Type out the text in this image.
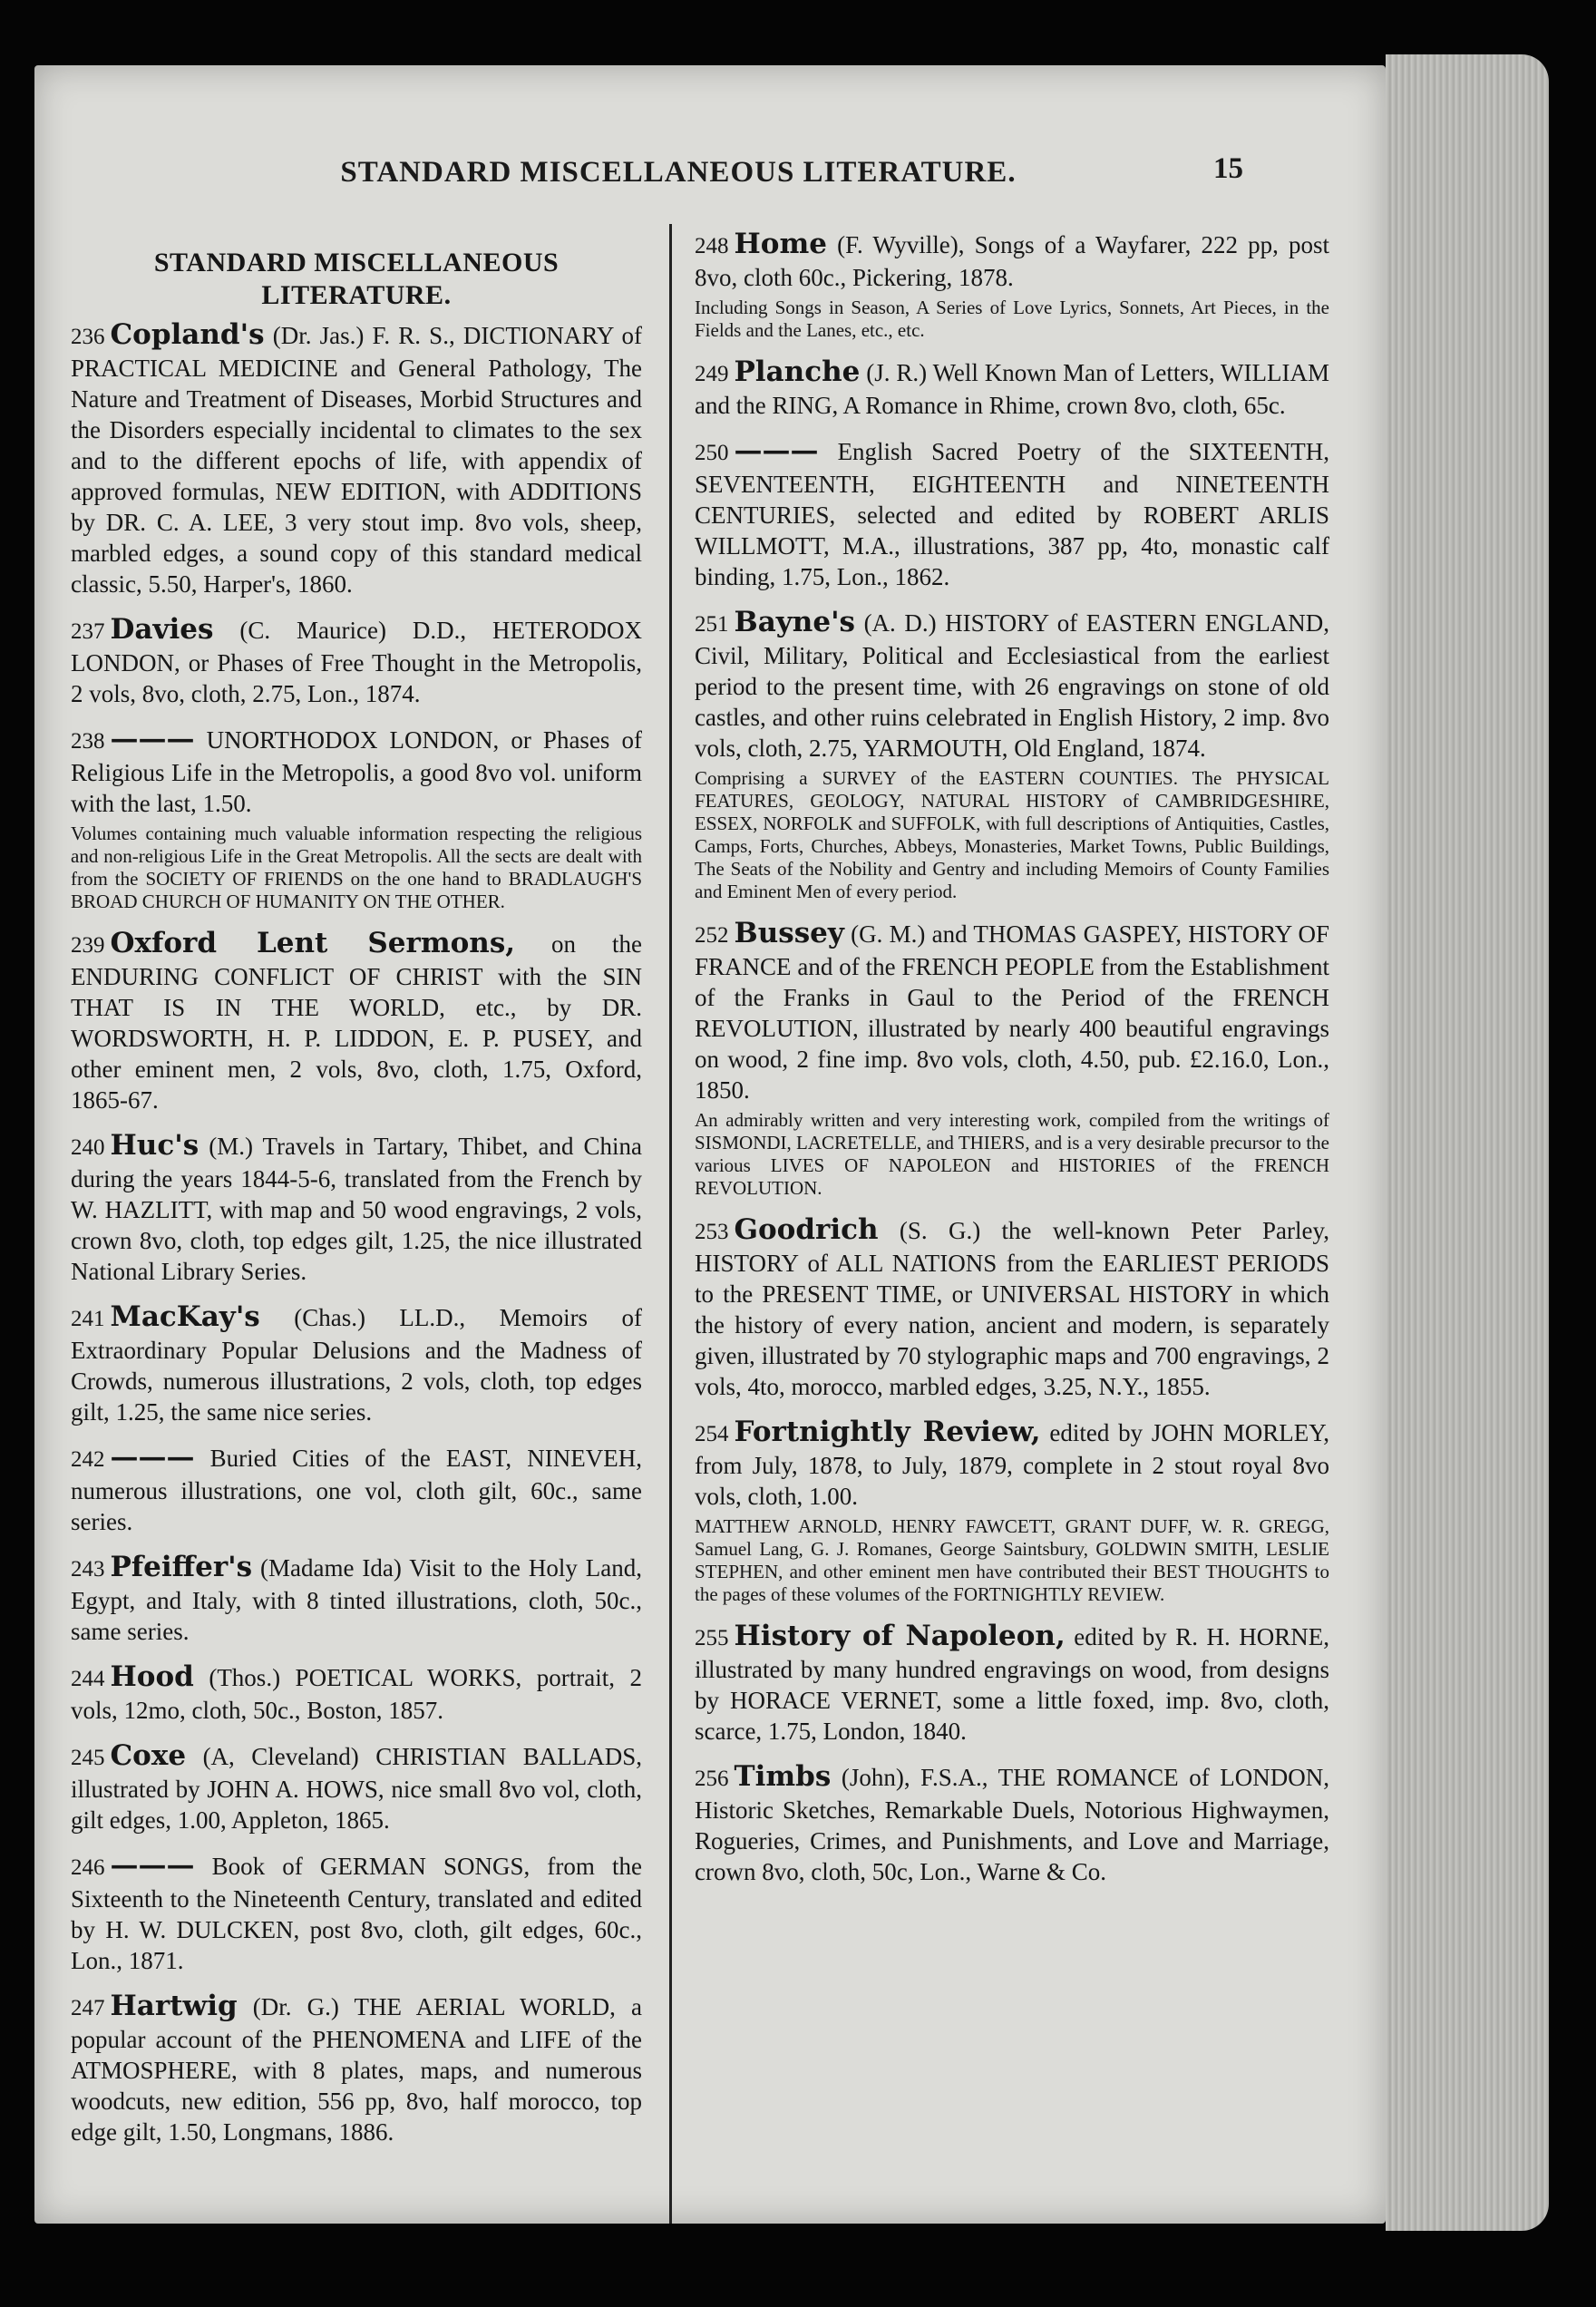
STANDARD MISCELLANEOUS LITERATURE.	15
STANDARD MISCELLANEOUS LITERATURE.
236 Copland's (Dr. Jas.) F. R. S., DICTIONARY of PRACTICAL MEDICINE and General Pathology, The Nature and Treatment of Diseases, Morbid Structures and the Disorders especially incidental to climates to the sex and to the different epochs of life, with appendix of approved formulas, NEW EDITION, with ADDITIONS by DR. C. A. LEE, 3 very stout imp. 8vo vols, sheep, marbled edges, a sound copy of this standard medical classic, 5.50, Harper's, 1860.
237 Davies (C. Maurice) D.D., HETERODOX LONDON, or Phases of Free Thought in the Metropolis, 2 vols, 8vo, cloth, 2.75, Lon., 1874.
238 ——— UNORTHODOX LONDON, or Phases of Religious Life in the Metropolis, a good 8vo vol. uniform with the last, 1.50.
Volumes containing much valuable information respecting the religious and non-religious Life in the Great Metropolis. All the sects are dealt with from the SOCIETY OF FRIENDS on the one hand to BRADLAUGH'S BROAD CHURCH OF HUMANITY ON THE OTHER.
239 Oxford Lent Sermons, on the ENDURING CONFLICT OF CHRIST with the SIN THAT IS IN THE WORLD, etc., by DR. WORDSWORTH, H. P. LIDDON, E. P. PUSEY, and other eminent men, 2 vols, 8vo, cloth, 1.75, Oxford, 1865-67.
240 Huc's (M.) Travels in Tartary, Thibet, and China during the years 1844-5-6, translated from the French by W. HAZLITT, with map and 50 wood engravings, 2 vols, crown 8vo, cloth, top edges gilt, 1.25, the nice illustrated National Library Series.
241 MacKay's (Chas.) LL.D., Memoirs of Extraordinary Popular Delusions and the Madness of Crowds, numerous illustrations, 2 vols, cloth, top edges gilt, 1.25, the same nice series.
242 ——— Buried Cities of the EAST, NINEVEH, numerous illustrations, one vol, cloth gilt, 60c., same series.
243 Pfeiffer's (Madame Ida) Visit to the Holy Land, Egypt, and Italy, with 8 tinted illustrations, cloth, 50c., same series.
244 Hood (Thos.) POETICAL WORKS, portrait, 2 vols, 12mo, cloth, 50c., Boston, 1857.
245 Coxe (A, Cleveland) CHRISTIAN BALLADS, illustrated by JOHN A. HOWS, nice small 8vo vol, cloth, gilt edges, 1.00, Appleton, 1865.
246 ——— Book of GERMAN SONGS, from the Sixteenth to the Nineteenth Century, translated and edited by H. W. DULCKEN, post 8vo, cloth, gilt edges, 60c., Lon., 1871.
247 Hartwig (Dr. G.) THE AERIAL WORLD, a popular account of the PHENOMENA and LIFE of the ATMOSPHERE, with 8 plates, maps, and numerous woodcuts, new edition, 556 pp, 8vo, half morocco, top edge gilt, 1.50, Longmans, 1886.
248 Home (F. Wyville), Songs of a Wayfarer, 222 pp, post 8vo, cloth 60c., Pickering, 1878.
Including Songs in Season, A Series of Love Lyrics, Sonnets, Art Pieces, in the Fields and the Lanes, etc., etc.
249 Planche (J. R.) Well Known Man of Letters, WILLIAM and the RING, A Romance in Rhime, crown 8vo, cloth, 65c.
250 ——— English Sacred Poetry of the SIXTEENTH, SEVENTEENTH, EIGHTEENTH and NINETEENTH CENTURIES, selected and edited by ROBERT ARLIS WILLMOTT, M.A., illustrations, 387 pp, 4to, monastic calf binding, 1.75, Lon., 1862.
251 Bayne's (A. D.) HISTORY of EASTERN ENGLAND, Civil, Military, Political and Ecclesiastical from the earliest period to the present time, with 26 engravings on stone of old castles, and other ruins celebrated in English History, 2 imp. 8vo vols, cloth, 2.75, YARMOUTH, Old England, 1874.
Comprising a SURVEY of the EASTERN COUNTIES. The PHYSICAL FEATURES, GEOLOGY, NATURAL HISTORY of CAMBRIDGESHIRE, ESSEX, NORFOLK and SUFFOLK, with full descriptions of Antiquities, Castles, Camps, Forts, Churches, Abbeys, Monasteries, Market Towns, Public Buildings, The Seats of the Nobility and Gentry and including Memoirs of County Families and Eminent Men of every period.
252 Bussey (G. M.) and THOMAS GASPEY, HISTORY OF FRANCE and of the FRENCH PEOPLE from the Establishment of the Franks in Gaul to the Period of the FRENCH REVOLUTION, illustrated by nearly 400 beautiful engravings on wood, 2 fine imp. 8vo vols, cloth, 4.50, pub. £2.16.0, Lon., 1850.
An admirably written and very interesting work, compiled from the writings of SISMONDI, LACRETELLE, and THIERS, and is a very desirable precursor to the various LIVES OF NAPOLEON and HISTORIES of the FRENCH REVOLUTION.
253 Goodrich (S. G.) the well-known Peter Parley, HISTORY of ALL NATIONS from the EARLIEST PERIODS to the PRESENT TIME, or UNIVERSAL HISTORY in which the history of every nation, ancient and modern, is separately given, illustrated by 70 stylographic maps and 700 engravings, 2 vols, 4to, morocco, marbled edges, 3.25, N.Y., 1855.
254 Fortnightly Review, edited by JOHN MORLEY, from July, 1878, to July, 1879, complete in 2 stout royal 8vo vols, cloth, 1.00.
MATTHEW ARNOLD, HENRY FAWCETT, GRANT DUFF, W. R. GREGG, Samuel Lang, G. J. Romanes, George Saintsbury, GOLDWIN SMITH, LESLIE STEPHEN, and other eminent men have contributed their BEST THOUGHTS to the pages of these volumes of the FORTNIGHTLY REVIEW.
255 History of Napoleon, edited by R. H. HORNE, illustrated by many hundred engravings on wood, from designs by HORACE VERNET, some a little foxed, imp. 8vo, cloth, scarce, 1.75, London, 1840.
256 Timbs (John), F.S.A., THE ROMANCE of LONDON, Historic Sketches, Remarkable Duels, Notorious Highwaymen, Rogueries, Crimes, and Punishments, and Love and Marriage, crown 8vo, cloth, 50c, Lon., Warne & Co.
